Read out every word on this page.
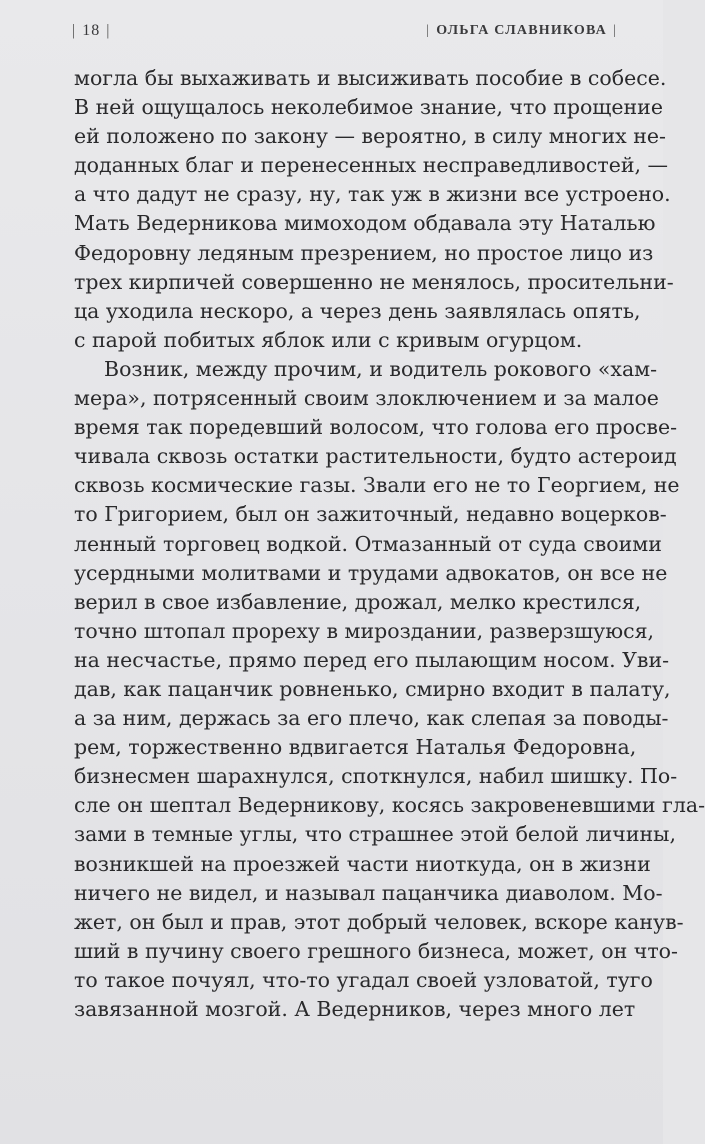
| 18 |	| ОЛЬГА СЛАВНИКОВА |
могла бы выхаживать и высиживать пособие в собесе.
В ней ощущалось неколебимое знание, что прощение
ей положено по закону — вероятно, в силу многих не-
доданных благ и перенесенных несправедливостей, —
а что дадут не сразу, ну, так уж в жизни все устроено.
Мать Ведерникова мимоходом обдавала эту Наталью
Федоровну ледяным презрением, но простое лицо из
трех кирпичей совершенно не менялось, просительни-
ца уходила нескоро, а через день заявлялась опять,
с парой побитых яблок или с кривым огурцом.
Возник, между прочим, и водитель рокового «хам-
мера», потрясенный своим злоключением и за малое
время так поредевший волосом, что голова его просве-
чивала сквозь остатки растительности, будто астероид
сквозь космические газы. Звали его не то Георгием, не
то Григорием, был он зажиточный, недавно воцерков-
ленный торговец водкой. Отмазанный от суда своими
усердными молитвами и трудами адвокатов, он все не
верил в свое избавление, дрожал, мелко крестился,
точно штопал прореху в мироздании, разверзшуюся,
на несчастье, прямо перед его пылающим носом. Уви-
дав, как пацанчик ровненько, смирно входит в палату,
а за ним, держась за его плечо, как слепая за поводы-
рем, торжественно вдвигается Наталья Федоровна,
бизнесмен шарахнулся, споткнулся, набил шишку. По-
сле он шептал Ведерникову, косясь закровеневшими гла-
зами в темные углы, что страшнее этой белой личины,
возникшей на проезжей части ниоткуда, он в жизни
ничего не видел, и называл пацанчика диаволом. Мо-
жет, он был и прав, этот добрый человек, вскоре канув-
ший в пучину своего грешного бизнеса, может, он что-
то такое почуял, что-то угадал своей узловатой, туго
завязанной мозгой. А Ведерников, через много лет
